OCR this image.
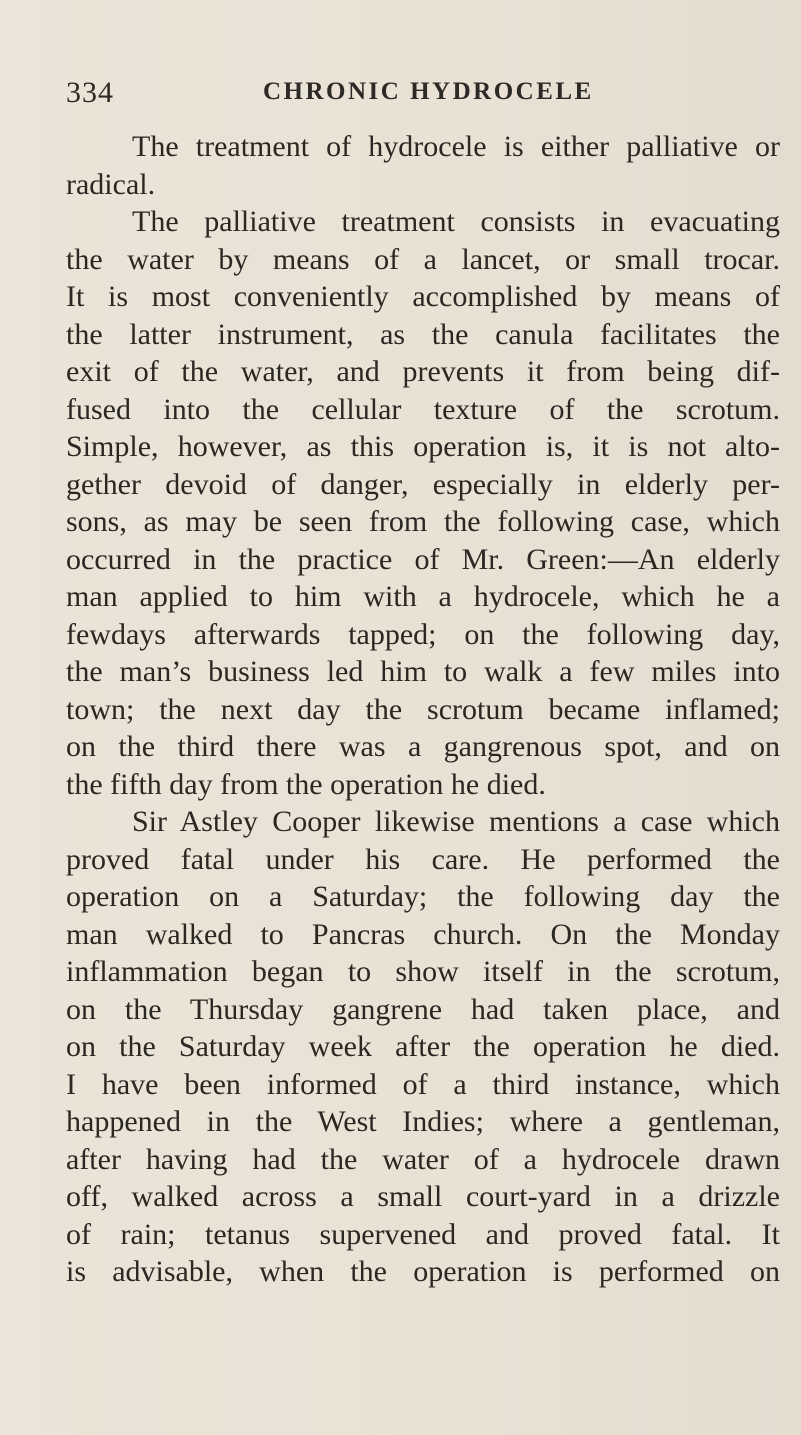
334	CHRONIC HYDROCELE
The treatment of hydrocele is either palliative or
radical.
The palliative treatment consists in evacuating
the water by means of a lancet, or small trocar.
It is most conveniently accomplished by means of
the latter instrument, as the canula facilitates the
exit of the water, and prevents it from being dif-
fused into the cellular texture of the scrotum.
Simple, however, as this operation is, it is not alto-
gether devoid of danger, especially in elderly per-
sons, as may be seen from the following case, which
occurred in the practice of Mr. Green:—An elderly
man applied to him with a hydrocele, which he a
fewdays afterwards tapped; on the following day,
the man’s business led him to walk a few miles into
town; the next day the scrotum became inflamed;
on the third there was a gangrenous spot, and on
the fifth day from the operation he died.
Sir Astley Cooper likewise mentions a case which
proved fatal under his care. He performed the
operation on a Saturday; the following day the
man walked to Pancras church. On the Monday
inflammation began to show itself in the scrotum,
on the Thursday gangrene had taken place, and
on the Saturday week after the operation he died.
I have been informed of a third instance, which
happened in the West Indies; where a gentleman,
after having had the water of a hydrocele drawn
off, walked across a small court-yard in a drizzle
of rain; tetanus supervened and proved fatal. It
is advisable, when the operation is performed on
